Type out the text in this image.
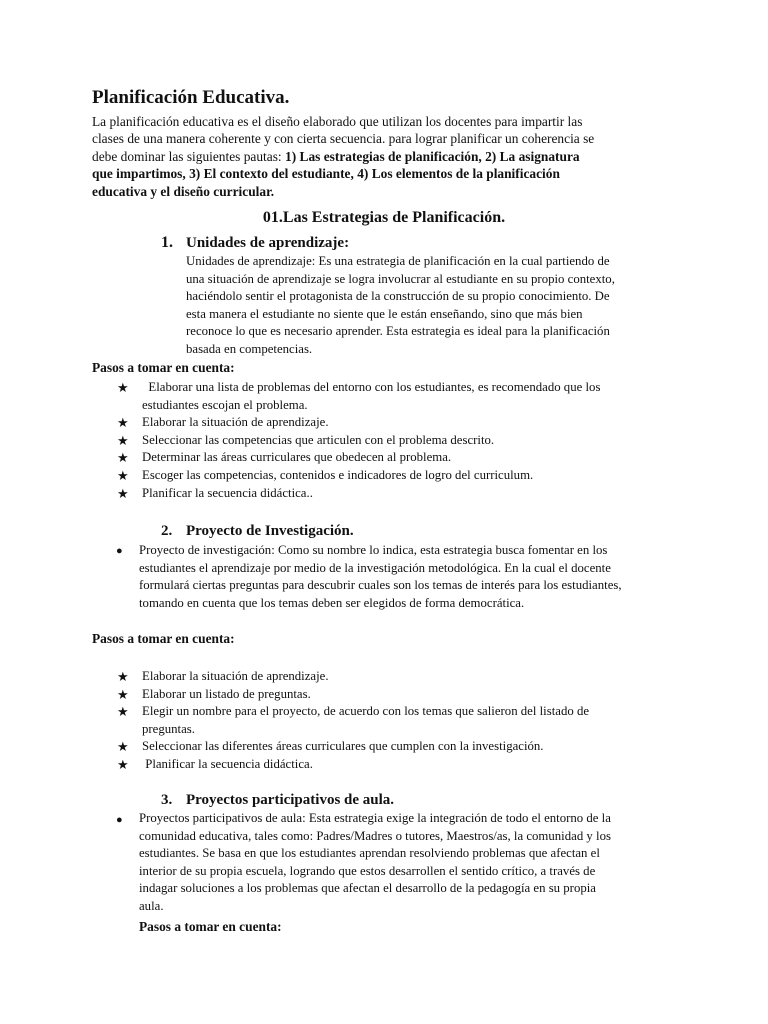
Planificación Educativa.
La planificación educativa es el diseño elaborado que utilizan los docentes para impartir las
clases de una manera coherente y con cierta secuencia. para lograr planificar un coherencia se
debe dominar las siguientes pautas: 1) Las estrategias de planificación, 2) La asignatura
que impartimos, 3) El contexto del estudiante, 4) Los elementos de la planificación
educativa y el diseño curricular.
01.Las Estrategias de Planificación.
1. Unidades de aprendizaje:
Unidades de aprendizaje: Es una estrategia de planificación en la cual partiendo de
una situación de aprendizaje se logra involucrar al estudiante en su propio contexto,
haciéndolo sentir el protagonista de la construcción de su propio conocimiento. De
esta manera el estudiante no siente que le están enseñando, sino que más bien
reconoce lo que es necesario aprender. Esta estrategia es ideal para la planificación
basada en competencias.
Pasos a tomar en cuenta:
★	Elaborar una lista de problemas del entorno con los estudiantes, es recomendado que los
estudiantes escojan el problema.
★	Elaborar la situación de aprendizaje.
★	Seleccionar las competencias que articulen con el problema descrito.
★	Determinar las áreas curriculares que obedecen al problema.
★	Escoger las competencias, contenidos e indicadores de logro del curriculum.
★	Planificar la secuencia didáctica..
2. Proyecto de Investigación.
● Proyecto de investigación: Como su nombre lo indica, esta estrategia busca fomentar en los
estudiantes el aprendizaje por medio de la investigación metodológica. En la cual el docente
formulará ciertas preguntas para descubrir cuales son los temas de interés para los estudiantes,
tomando en cuenta que los temas deben ser elegidos de forma democrática.
Pasos a tomar en cuenta:
★	Elaborar la situación de aprendizaje.
★	Elaborar un listado de preguntas.
★	Elegir un nombre para el proyecto, de acuerdo con los temas que salieron del listado de
preguntas.
★	Seleccionar las diferentes áreas curriculares que cumplen con la investigación.
★	Planificar la secuencia didáctica.
3. Proyectos participativos de aula.
● Proyectos participativos de aula: Esta estrategia exige la integración de todo el entorno de la
comunidad educativa, tales como: Padres/Madres o tutores, Maestros/as, la comunidad y los
estudiantes. Se basa en que los estudiantes aprendan resolviendo problemas que afectan el
interior de su propia escuela, logrando que estos desarrollen el sentido crítico, a través de
indagar soluciones a los problemas que afectan el desarrollo de la pedagogía en su propia
aula.
Pasos a tomar en cuenta:
